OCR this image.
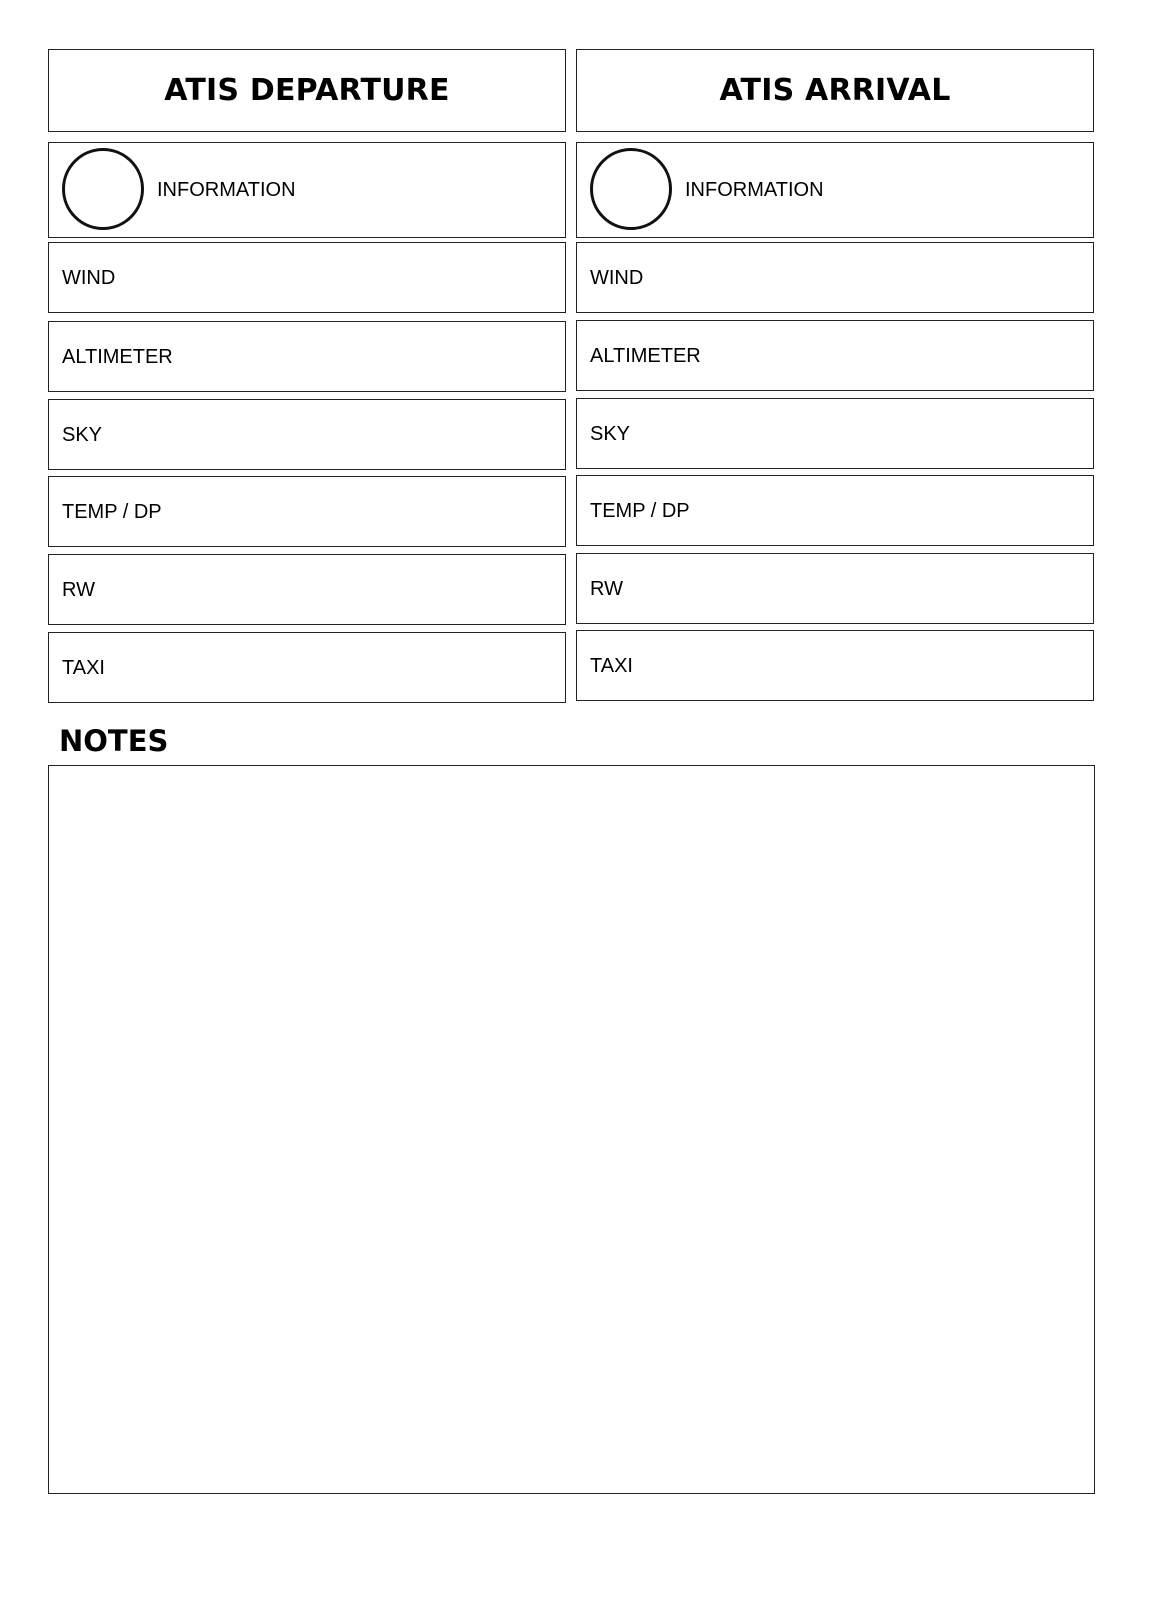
ATIS DEPARTURE
INFORMATION
WIND
ALTIMETER
SKY
TEMP / DP
RW
TAXI
ATIS ARRIVAL
INFORMATION
WIND
ALTIMETER
SKY
TEMP / DP
RW
TAXI
NOTES
